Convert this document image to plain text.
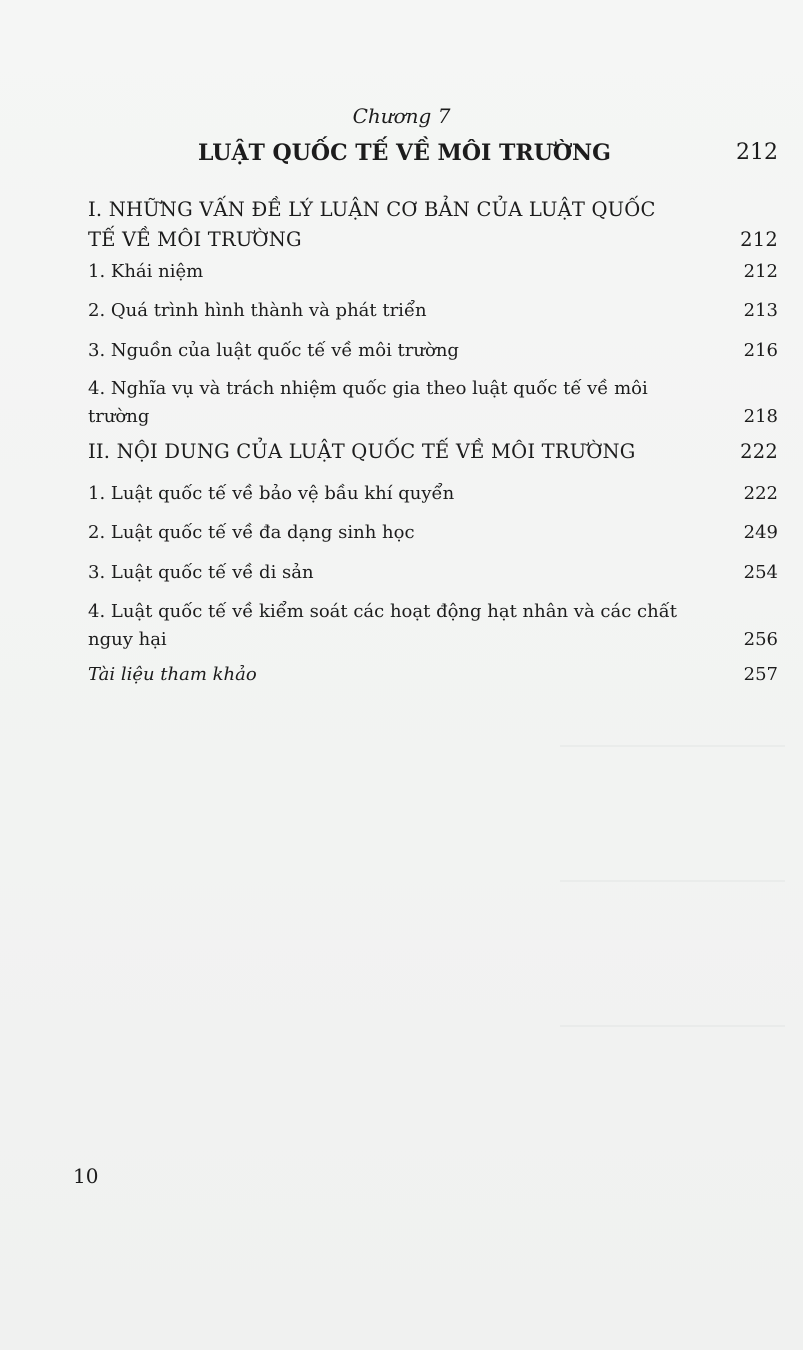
Chương 7
LUẬT QUỐC TẾ VỀ MÔI TRƯỜNG	212
I. NHỮNG VẤN ĐỀ LÝ LUẬN CƠ BẢN CỦA LUẬT QUỐC TẾ VỀ MÔI TRƯỜNG	212
1. Khái niệm	212
2. Quá trình hình thành và phát triển	213
3. Nguồn của luật quốc tế về môi trường	216
4. Nghĩa vụ và trách nhiệm quốc gia theo luật quốc tế về môi trường	218
II. NỘI DUNG CỦA LUẬT QUỐC TẾ VỀ MÔI TRƯỜNG	222
1. Luật quốc tế về bảo vệ bầu khí quyển	222
2. Luật quốc tế về đa dạng sinh học	249
3. Luật quốc tế về di sản	254
4. Luật quốc tế về kiểm soát các hoạt động hạt nhân và các chất nguy hại	256
Tài liệu tham khảo	257
10
